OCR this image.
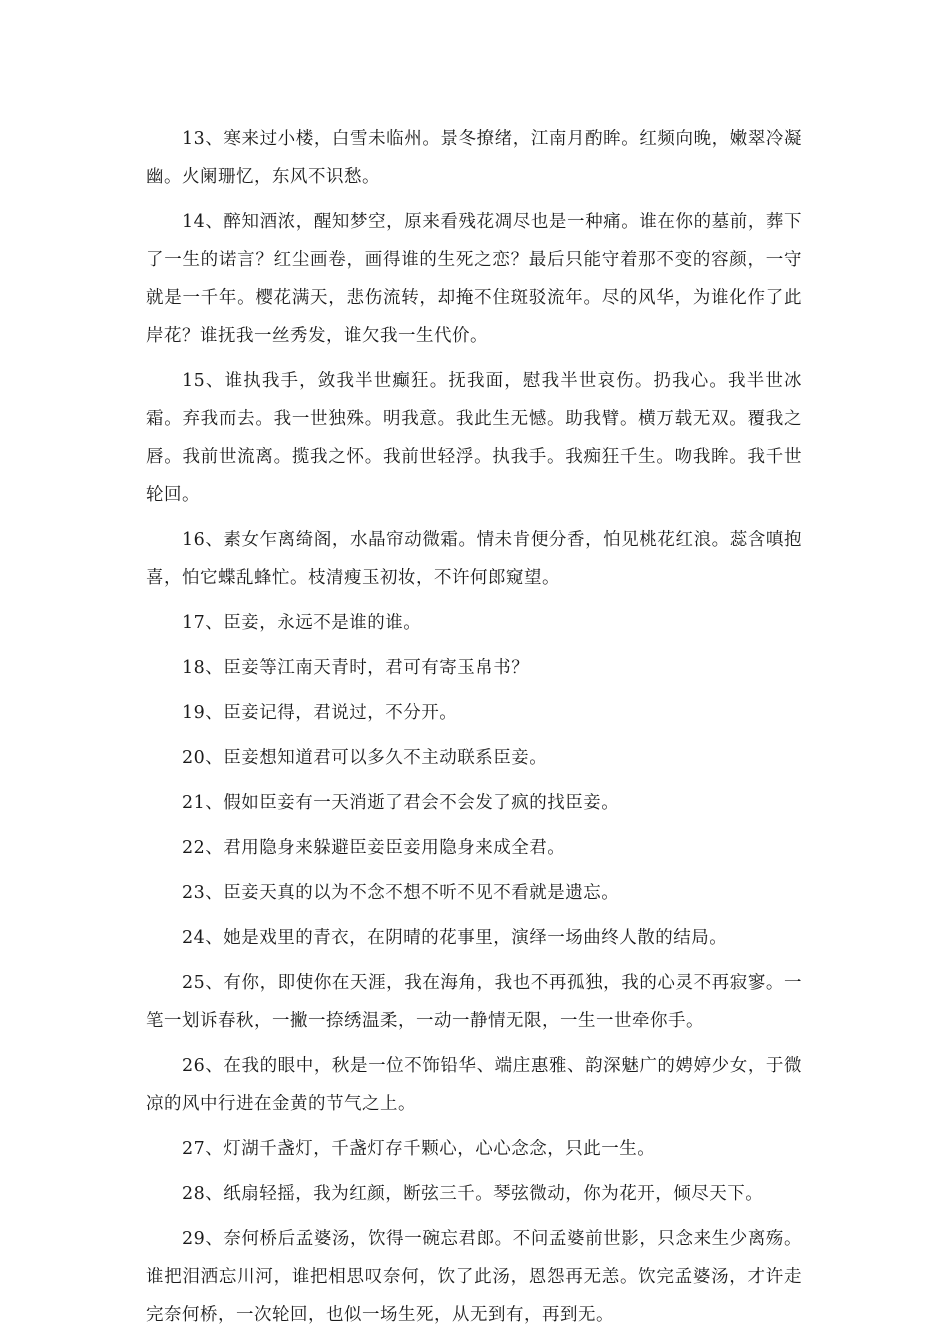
13、寒来过小楼，白雪未临州。景冬撩绪，江南月酌眸。红频向晚，嫩翠冷凝幽。火阑珊忆，东风不识愁。

14、醉知酒浓，醒知梦空，原来看残花凋尽也是一种痛。谁在你的墓前，葬下了一生的诺言？红尘画卷，画得谁的生死之恋？最后只能守着那不变的容颜，一守就是一千年。樱花满天，悲伤流转，却掩不住斑驳流年。尽的风华，为谁化作了此岸花？谁抚我一丝秀发，谁欠我一生代价。

15、谁执我手，敛我半世癫狂。抚我面，慰我半世哀伤。扔我心。我半世冰霜。弃我而去。我一世独殊。明我意。我此生无憾。助我臂。横万载无双。覆我之唇。我前世流离。揽我之怀。我前世轻浮。执我手。我痴狂千生。吻我眸。我千世轮回。

16、素女乍离绮阁，水晶帘动微霜。情未肯便分香，怕见桃花红浪。蕊含嗔抱喜，怕它蝶乱蜂忙。枝清瘦玉初妆，不许何郎窥望。

17、臣妾，永远不是谁的谁。

18、臣妾等江南天青时，君可有寄玉帛书？

19、臣妾记得，君说过，不分开。

20、臣妾想知道君可以多久不主动联系臣妾。

21、假如臣妾有一天消逝了君会不会发了疯的找臣妾。

22、君用隐身来躲避臣妾臣妾用隐身来成全君。

23、臣妾天真的以为不念不想不听不见不看就是遗忘。

24、她是戏里的青衣，在阴晴的花事里，演绎一场曲终人散的结局。

25、有你，即使你在天涯，我在海角，我也不再孤独，我的心灵不再寂寥。一笔一划诉春秋，一撇一捺绣温柔，一动一静情无限，一生一世牵你手。

26、在我的眼中，秋是一位不饰铅华、端庄惠雅、韵深魅广的娉婷少女，于微凉的风中行进在金黄的节气之上。

27、灯湖千盏灯，千盏灯存千颗心，心心念念，只此一生。

28、纸扇轻摇，我为红颜，断弦三千。琴弦微动，你为花开，倾尽天下。

29、奈何桥后孟婆汤，饮得一碗忘君郎。不问孟婆前世影，只念来生少离殇。谁把泪洒忘川河，谁把相思叹奈何，饮了此汤，恩怨再无恙。饮完孟婆汤，才许走完奈何桥，一次轮回，也似一场生死，从无到有，再到无。
